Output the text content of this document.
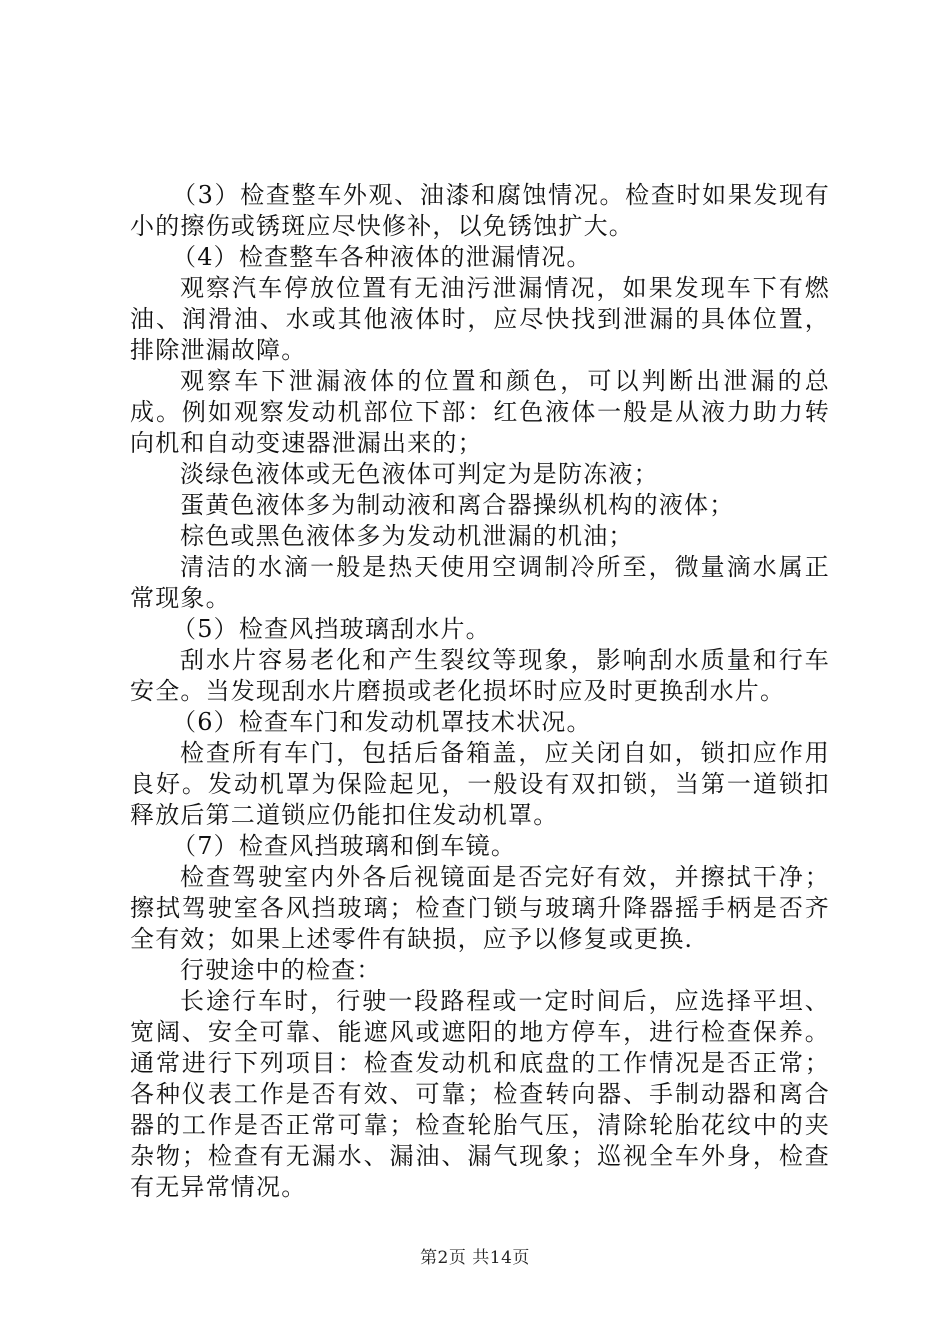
（3）检查整车外观、油漆和腐蚀情况。检查时如果发现有小的擦伤或锈斑应尽快修补，以免锈蚀扩大。

（4）检查整车各种液体的泄漏情况。

观察汽车停放位置有无油污泄漏情况，如果发现车下有燃油、润滑油、水或其他液体时，应尽快找到泄漏的具体位置，排除泄漏故障。

观察车下泄漏液体的位置和颜色，可以判断出泄漏的总成。例如观察发动机部位下部：红色液体一般是从液力助力转向机和自动变速器泄漏出来的；

淡绿色液体或无色液体可判定为是防冻液；

蛋黄色液体多为制动液和离合器操纵机构的液体；

棕色或黑色液体多为发动机泄漏的机油；

清洁的水滴一般是热天使用空调制冷所至，微量滴水属正常现象。

（5）检查风挡玻璃刮水片。

刮水片容易老化和产生裂纹等现象，影响刮水质量和行车安全。当发现刮水片磨损或老化损坏时应及时更换刮水片。

（6）检查车门和发动机罩技术状况。

检查所有车门，包括后备箱盖，应关闭自如，锁扣应作用良好。发动机罩为保险起见，一般设有双扣锁，当第一道锁扣释放后第二道锁应仍能扣住发动机罩。

（7）检查风挡玻璃和倒车镜。

检查驾驶室内外各后视镜面是否完好有效，并擦拭干净；擦拭驾驶室各风挡玻璃；检查门锁与玻璃升降器摇手柄是否齐全有效；如果上述零件有缺损，应予以修复或更换.

行驶途中的检查：

长途行车时，行驶一段路程或一定时间后，应选择平坦、宽阔、安全可靠、能遮风或遮阳的地方停车，进行检查保养。通常进行下列项目：检查发动机和底盘的工作情况是否正常；各种仪表工作是否有效、可靠；检查转向器、手制动器和离合器的工作是否正常可靠；检查轮胎气压，清除轮胎花纹中的夹杂物；检查有无漏水、漏油、漏气现象；巡视全车外身，检查有无异常情况。

第2页 共14页
